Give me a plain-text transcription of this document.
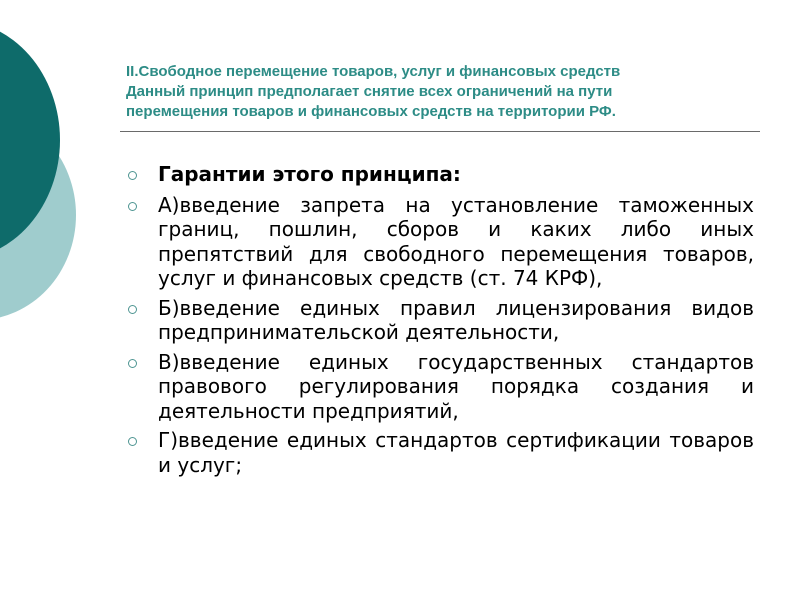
II.Свободное перемещение товаров, услуг и финансовых средств
Данный принцип предполагает снятие всех ограничений на пути
перемещения товаров и финансовых средств на территории РФ.
Гарантии этого принципа:
А)введение запрета на установление таможенных границ, пошлин, сборов и каких либо иных препятствий для свободного перемещения товаров, услуг и финансовых средств (ст. 74 КРФ),
Б)введение единых правил лицензирования видов предпринимательской деятельности,
В)введение единых государственных стандартов правового регулирования порядка создания и деятельности предприятий,
Г)введение единых стандартов сертификации товаров и услуг;
